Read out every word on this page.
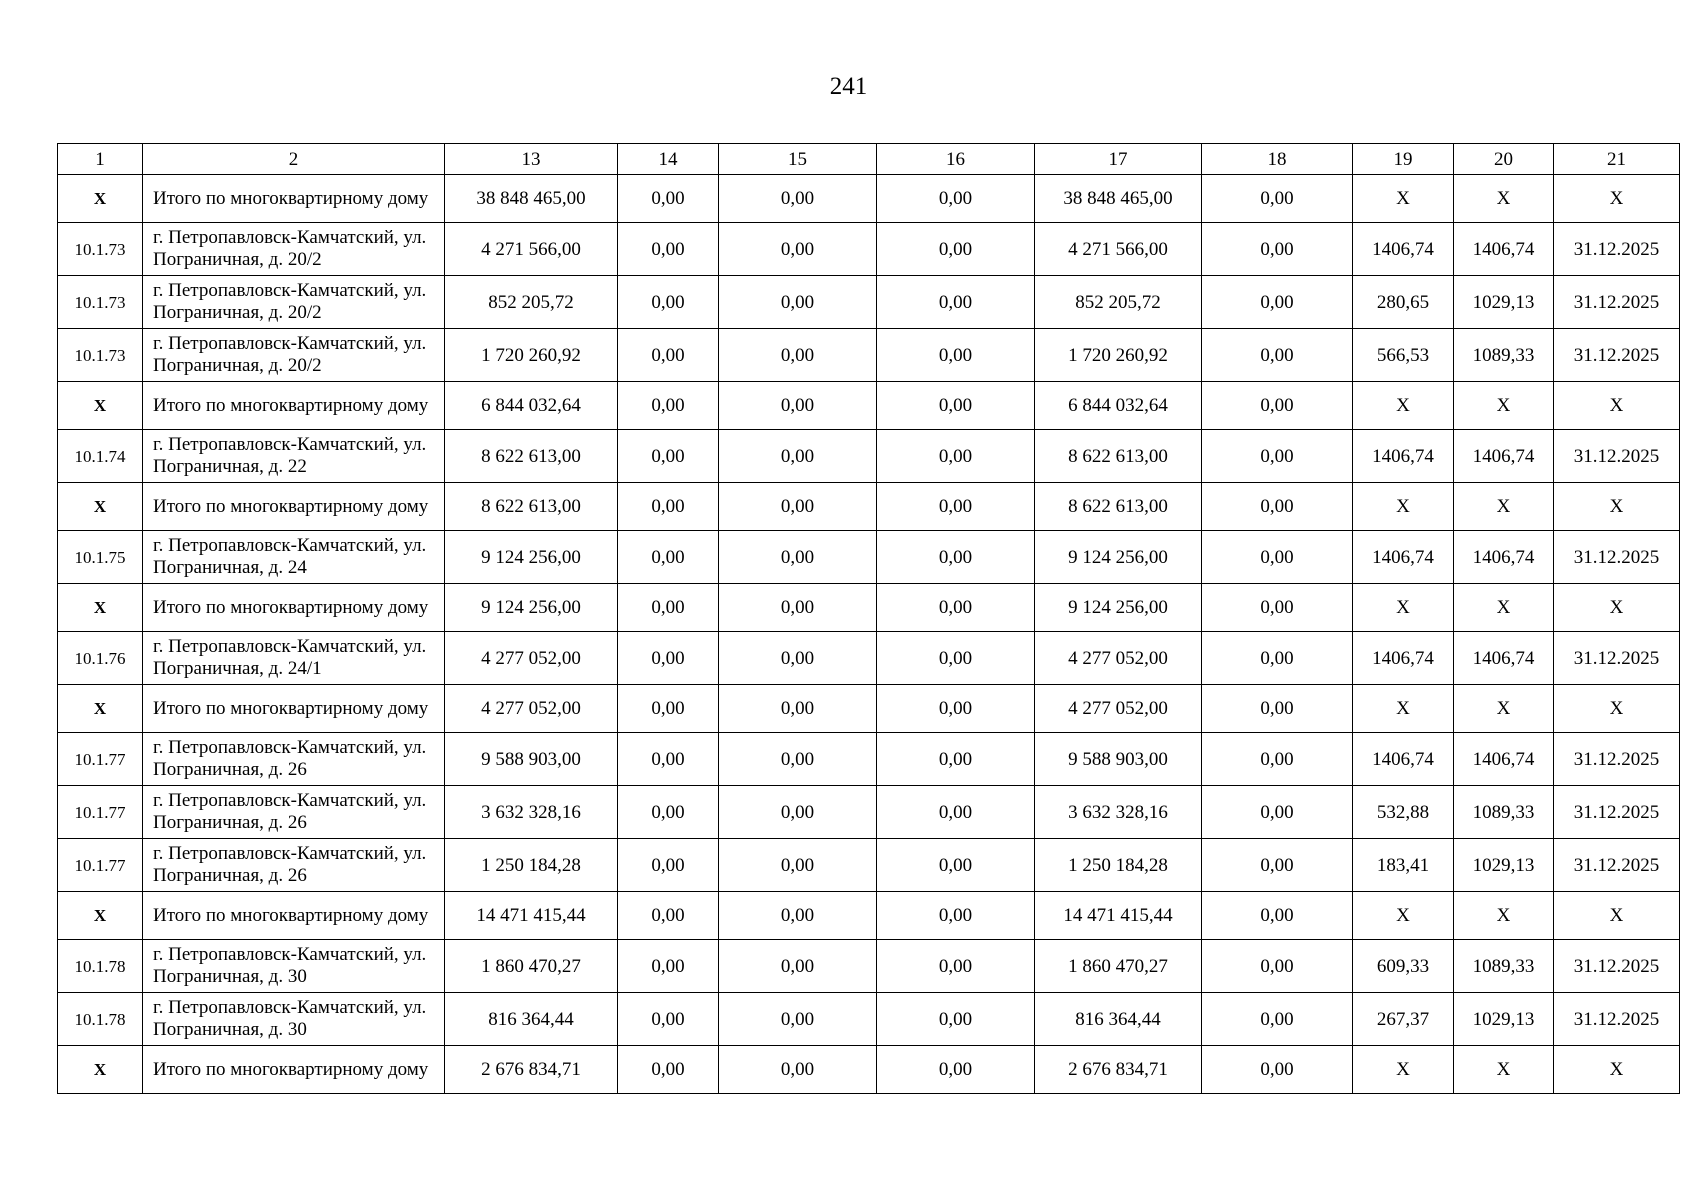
241
1	2	13	14	15	16	17	18	19	20	21
X	Итого по многоквартирному дому	38 848 465,00	0,00	0,00	0,00	38 848 465,00	0,00	X	X	X
10.1.73	г. Петропавловск-Камчатский, ул. Пограничная, д. 20/2	4 271 566,00	0,00	0,00	0,00	4 271 566,00	0,00	1406,74	1406,74	31.12.2025
10.1.73	г. Петропавловск-Камчатский, ул. Пограничная, д. 20/2	852 205,72	0,00	0,00	0,00	852 205,72	0,00	280,65	1029,13	31.12.2025
10.1.73	г. Петропавловск-Камчатский, ул. Пограничная, д. 20/2	1 720 260,92	0,00	0,00	0,00	1 720 260,92	0,00	566,53	1089,33	31.12.2025
X	Итого по многоквартирному дому	6 844 032,64	0,00	0,00	0,00	6 844 032,64	0,00	X	X	X
10.1.74	г. Петропавловск-Камчатский, ул. Пограничная, д. 22	8 622 613,00	0,00	0,00	0,00	8 622 613,00	0,00	1406,74	1406,74	31.12.2025
X	Итого по многоквартирному дому	8 622 613,00	0,00	0,00	0,00	8 622 613,00	0,00	X	X	X
10.1.75	г. Петропавловск-Камчатский, ул. Пограничная, д. 24	9 124 256,00	0,00	0,00	0,00	9 124 256,00	0,00	1406,74	1406,74	31.12.2025
X	Итого по многоквартирному дому	9 124 256,00	0,00	0,00	0,00	9 124 256,00	0,00	X	X	X
10.1.76	г. Петропавловск-Камчатский, ул. Пограничная, д. 24/1	4 277 052,00	0,00	0,00	0,00	4 277 052,00	0,00	1406,74	1406,74	31.12.2025
X	Итого по многоквартирному дому	4 277 052,00	0,00	0,00	0,00	4 277 052,00	0,00	X	X	X
10.1.77	г. Петропавловск-Камчатский, ул. Пограничная, д. 26	9 588 903,00	0,00	0,00	0,00	9 588 903,00	0,00	1406,74	1406,74	31.12.2025
10.1.77	г. Петропавловск-Камчатский, ул. Пограничная, д. 26	3 632 328,16	0,00	0,00	0,00	3 632 328,16	0,00	532,88	1089,33	31.12.2025
10.1.77	г. Петропавловск-Камчатский, ул. Пограничная, д. 26	1 250 184,28	0,00	0,00	0,00	1 250 184,28	0,00	183,41	1029,13	31.12.2025
X	Итого по многоквартирному дому	14 471 415,44	0,00	0,00	0,00	14 471 415,44	0,00	X	X	X
10.1.78	г. Петропавловск-Камчатский, ул. Пограничная, д. 30	1 860 470,27	0,00	0,00	0,00	1 860 470,27	0,00	609,33	1089,33	31.12.2025
10.1.78	г. Петропавловск-Камчатский, ул. Пограничная, д. 30	816 364,44	0,00	0,00	0,00	816 364,44	0,00	267,37	1029,13	31.12.2025
X	Итого по многоквартирному дому	2 676 834,71	0,00	0,00	0,00	2 676 834,71	0,00	X	X	X
